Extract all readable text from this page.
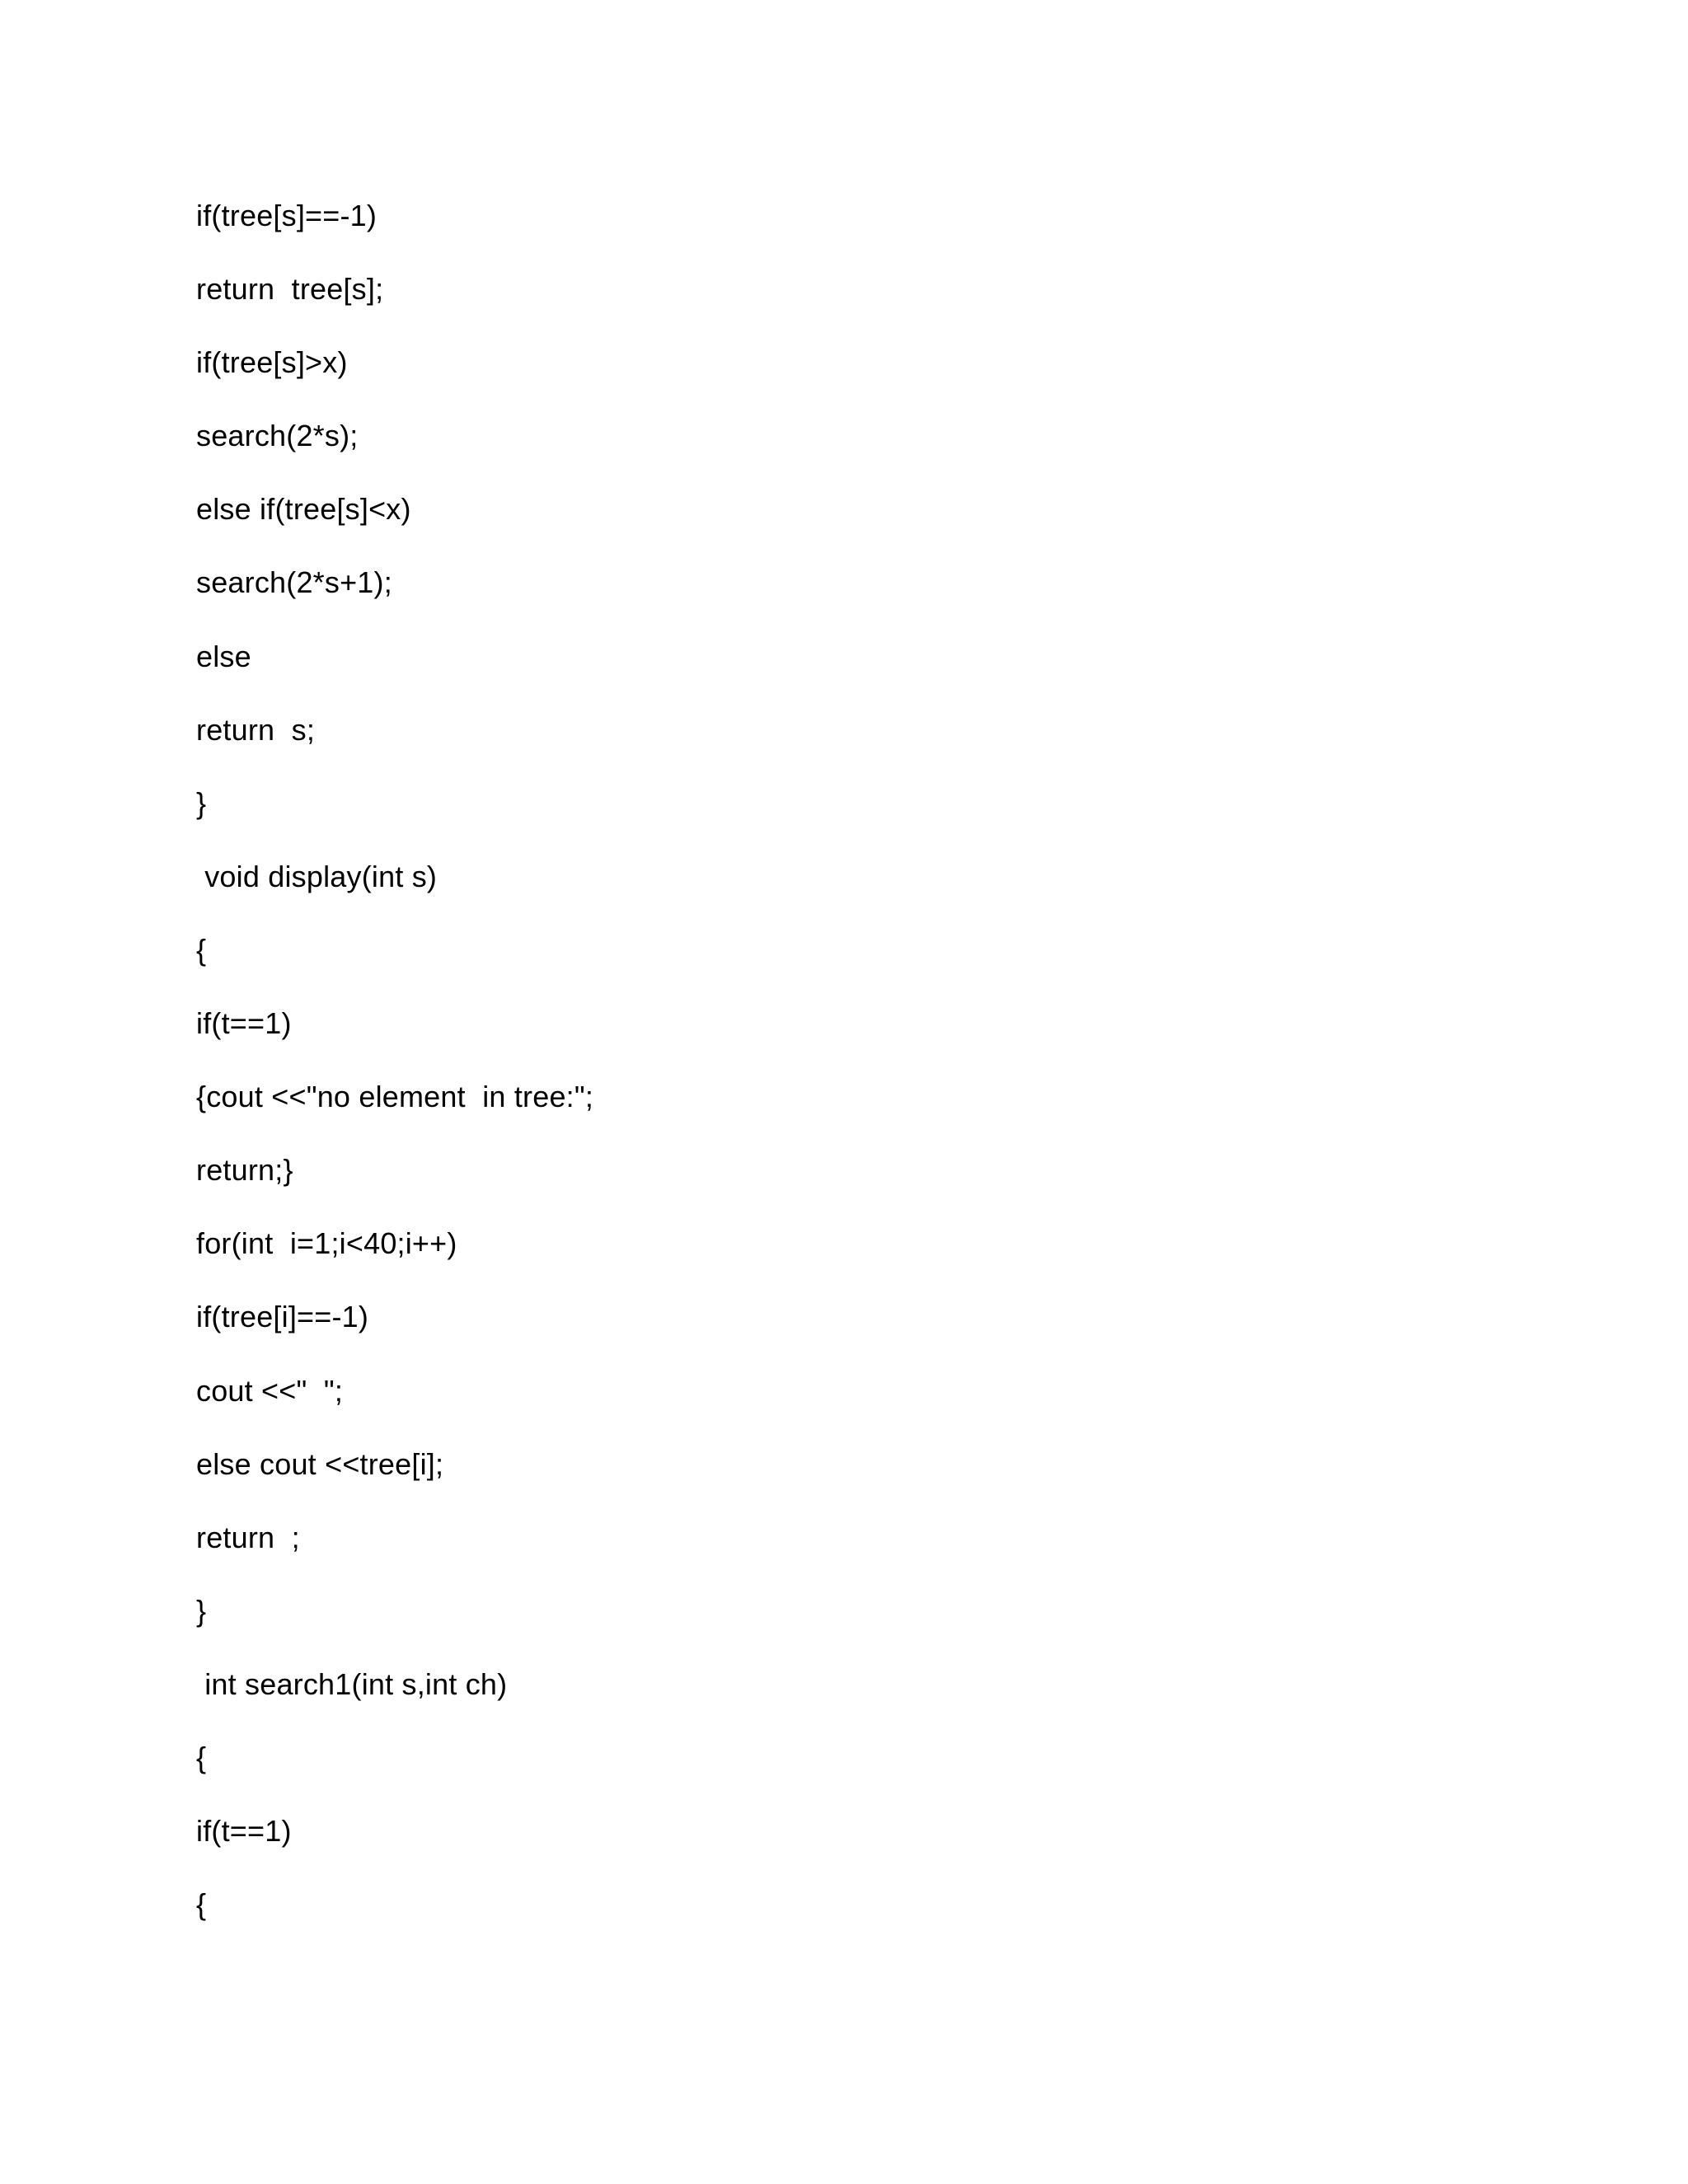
if(tree[s]==-1)
return  tree[s];
if(tree[s]>x)
search(2*s);
else if(tree[s]<x)
search(2*s+1);
else
return  s;
}
void display(int s)
{
if(t==1)
{cout <<"no element  in tree:";
return;}
for(int  i=1;i<40;i++)
if(tree[i]==-1)
cout <<"  ";
else cout <<tree[i];
return  ;
}
int search1(int s,int ch)
{
if(t==1)
{
